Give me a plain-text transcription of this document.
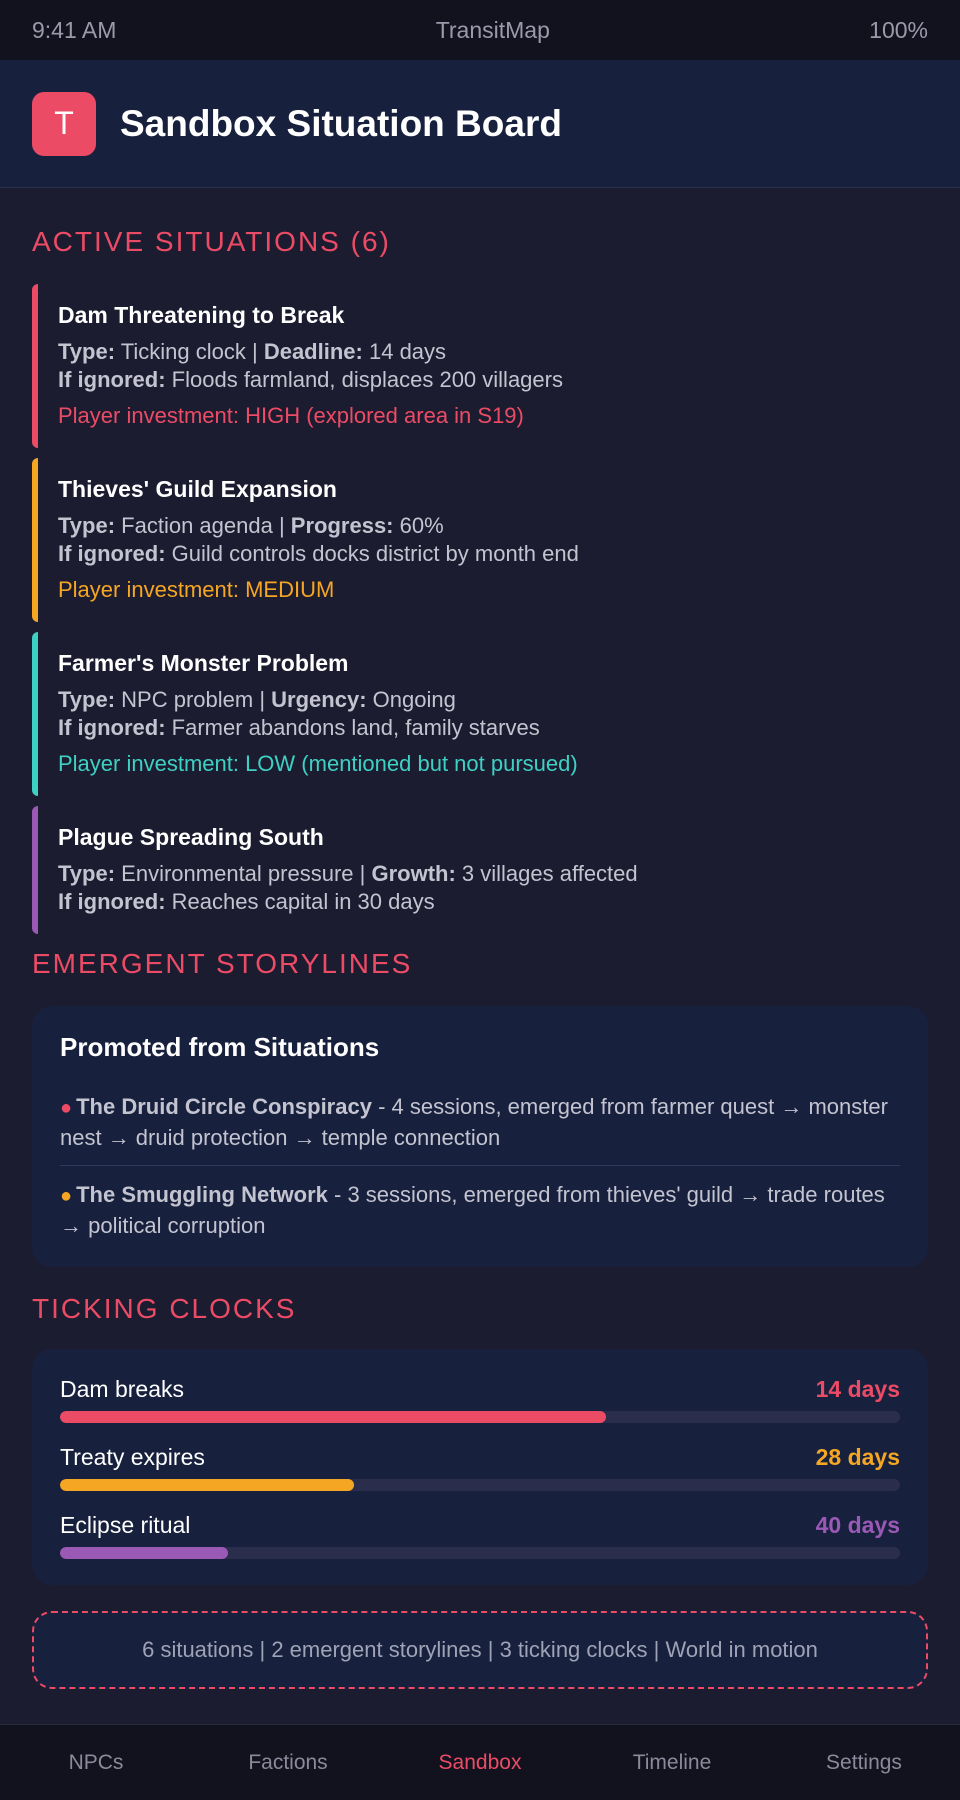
9:41 AM	TransitMap	100%
T	Sandbox Situation Board
ACTIVE SITUATIONS (6)
Dam Threatening to Break
Type: Ticking clock | Deadline: 14 days
If ignored: Floods farmland, displaces 200 villagers
Player investment: HIGH (explored area in S19)
Thieves' Guild Expansion
Type: Faction agenda | Progress: 60%
If ignored: Guild controls docks district by month end
Player investment: MEDIUM
Farmer's Monster Problem
Type: NPC problem | Urgency: Ongoing
If ignored: Farmer abandons land, family starves
Player investment: LOW (mentioned but not pursued)
Plague Spreading South
Type: Environmental pressure | Growth: 3 villages affected
If ignored: Reaches capital in 30 days
EMERGENT STORYLINES
Promoted from Situations
● The Druid Circle Conspiracy - 4 sessions, emerged from farmer quest → monster nest → druid protection → temple connection
● The Smuggling Network - 3 sessions, emerged from thieves' guild → trade routes → political corruption
TICKING CLOCKS
Dam breaks	14 days
Treaty expires	28 days
Eclipse ritual	40 days
6 situations | 2 emergent storylines | 3 ticking clocks | World in motion
NPCs	Factions	Sandbox	Timeline	Settings
